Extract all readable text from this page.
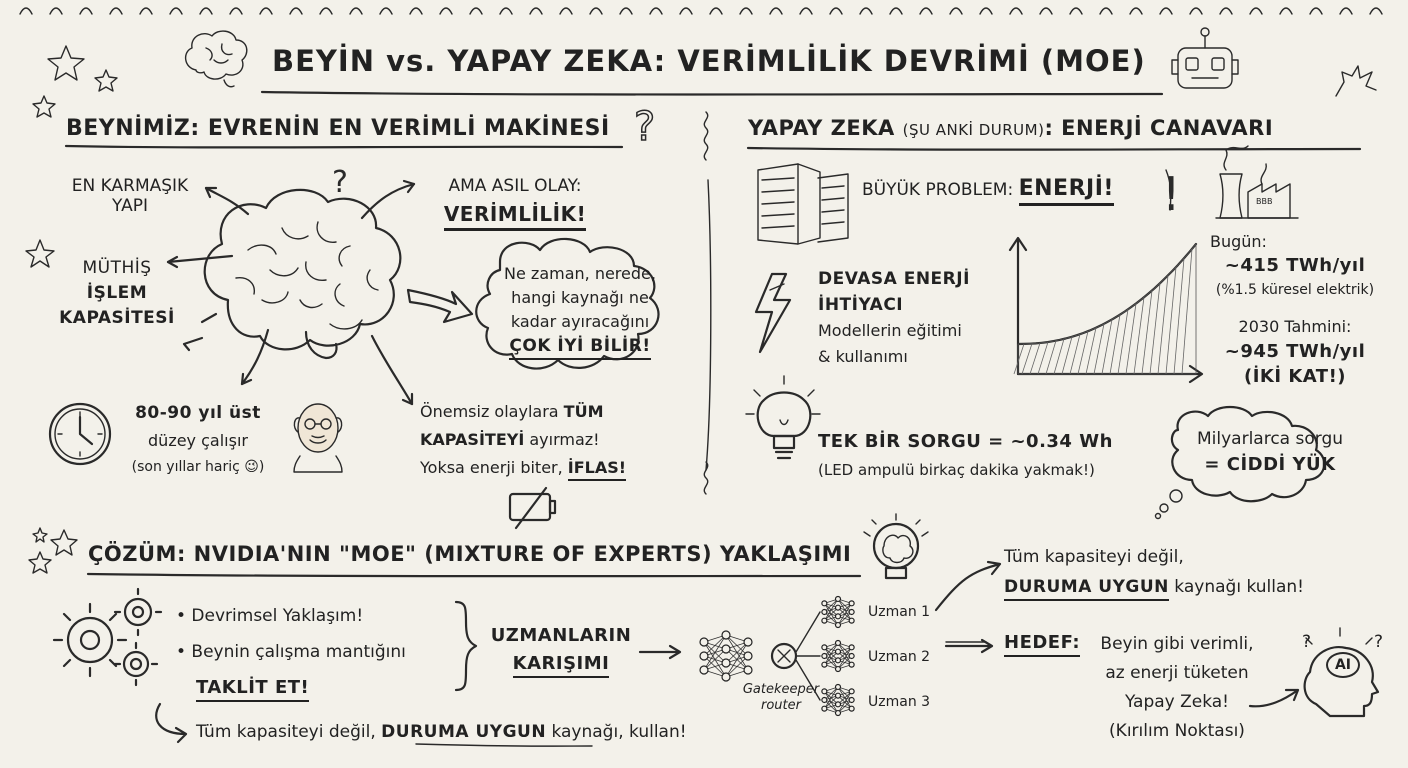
?
?	!
BEYİN vs. YAPAY ZEKA: VERİMLİLİK DEVRİMİ (MOE)
BEYNİMİZ: EVRENİN EN VERİMLİ MAKİNESİ
EN KARMAŞIK
YAPI
MÜTHİŞ
İŞLEM
KAPASİTESİ
AMA ASIL OLAY:
VERİMLİLİK!
Ne zaman, nerede,
hangi kaynağı ne
kadar ayıracağını
ÇOK İYİ BİLİR!
80-90 yıl üst
düzey çalışır
(son yıllar hariç 😉)
Önemsiz olaylara TÜM
KAPASİTEYİ ayırmaz!
Yoksa enerji biter, İFLAS!
YAPAY ZEKA (ŞU ANKİ DURUM): ENERJİ CANAVARI
BÜYÜK PROBLEM: ENERJİ!
DEVASA ENERJİ
İHTİYACI
Modellerin eğitimi
& kullanımı
Bugün:
~415 TWh/yıl
(%1.5 küresel elektrik)
2030 Tahmini:
~945 TWh/yıl
(İKİ KAT!)
BBB
TEK BİR SORGU = ~0.34 Wh
(LED ampulü birkaç dakika yakmak!)
Milyarlarca sorgu
= CİDDİ YÜK
ÇÖZÜM: NVIDIA'NIN "MOE" (MIXTURE OF EXPERTS) YAKLAŞIMI
• Devrimsel Yaklaşım!
• Beynin çalışma mantığını
TAKLİT ET!
UZMANLARIN
KARIŞIMI
Gatekeeper
router
Uzman 1
Uzman 2
Uzman 3
Tüm kapasiteyi değil,
DURUMA UYGUN kaynağı kullan!
HEDEF:	Beyin gibi verimli,
az enerji tüketen
Yapay Zeka!
(Kırılım Noktası)
AI
?	?
Tüm kapasiteyi değil, DURUMA UYGUN kaynağı, kullan!
